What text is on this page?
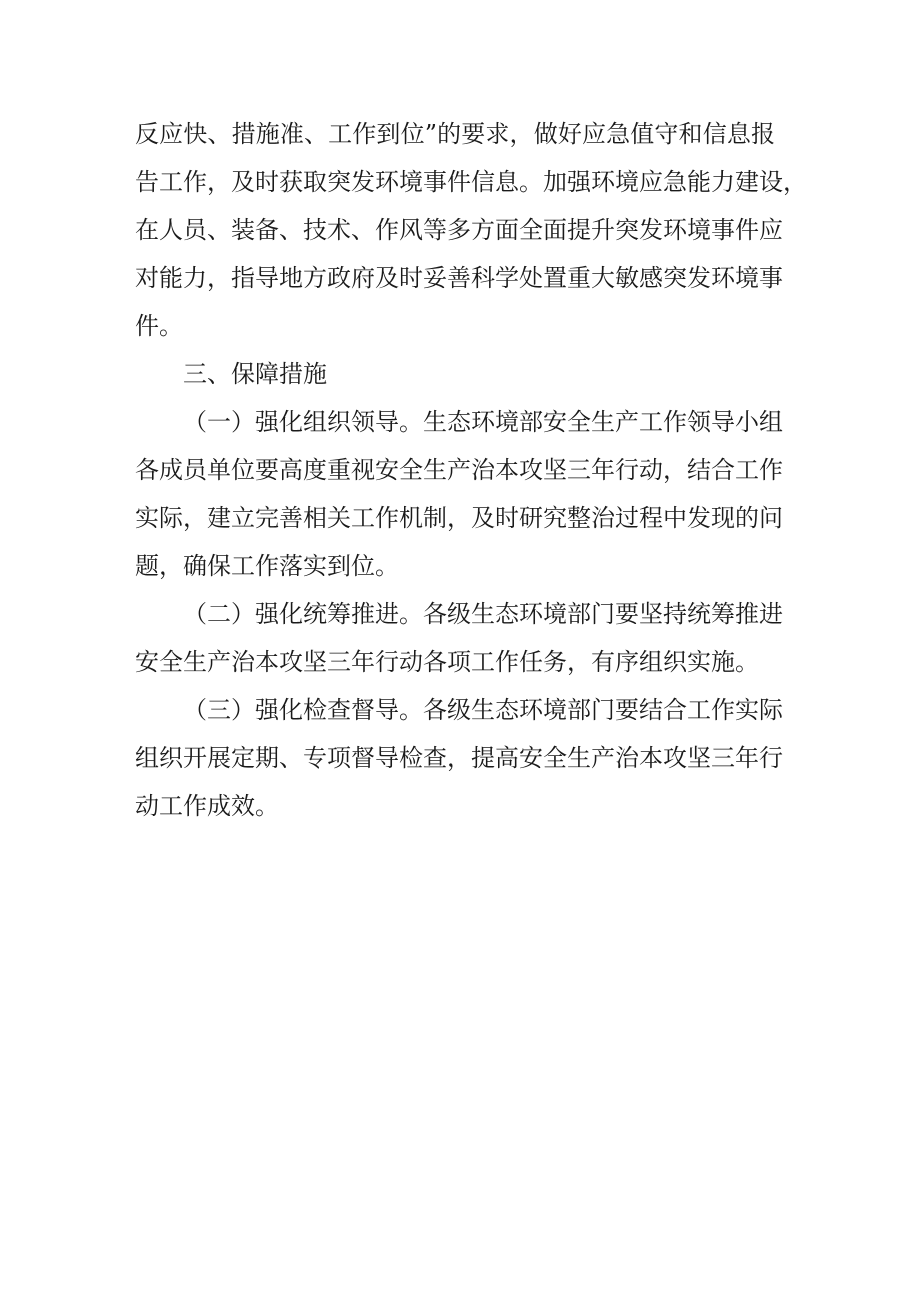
反应快、措施准、工作到位”的要求，做好应急值守和信息报
告工作，及时获取突发环境事件信息。加强环境应急能力建设，
在人员、装备、技术、作风等多方面全面提升突发环境事件应
对能力，指导地方政府及时妥善科学处置重大敏感突发环境事
件。
三、保障措施
（一）强化组织领导。生态环境部安全生产工作领导小组
各成员单位要高度重视安全生产治本攻坚三年行动，结合工作
实际，建立完善相关工作机制，及时研究整治过程中发现的问
题，确保工作落实到位。
（二）强化统筹推进。各级生态环境部门要坚持统筹推进
安全生产治本攻坚三年行动各项工作任务，有序组织实施。
（三）强化检查督导。各级生态环境部门要结合工作实际
组织开展定期、专项督导检查，提高安全生产治本攻坚三年行
动工作成效。
